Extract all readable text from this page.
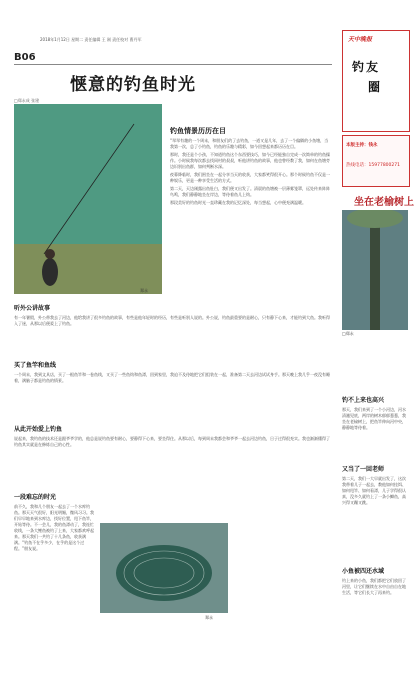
2018年1月12日 星期二 责任编辑 王 刚 责任校对 曹丹军
B06
天中晚报
钓友
圈
惬意的钓鱼时光
□郑永成 张建
郑永
钓鱼情景历历在目

“翠翠有趣的一个周末，和朋友们约了去钓鱼，一道又是几年，去了一个偏僻的小鱼塘，当我第一次，总了小钓鱼，钓鱼的乐趣与精彩，如今回想起来都历历在目。

那时，我还是个小孩，不知道钓鱼这个东西要技巧，如今已经能独自完成一次简单的钓鱼操作。小时候我每次都去找同村的叔叔，听他讲钓鱼的故事，他也曾经教了我，如何在鱼塘旁边识别出鱼群，如何判断水深。

夜幕降临时，我们围坐在一起分享当天的收获，大家都笑得很开心。那个时候钓鱼不仅是一种娱乐，更是一种享受生活的方式。

第二天，天边刚露出鱼肚白，我们便又出发了。清晨的鱼塘被一层薄雾笼罩，远处传来阵阵鸟鸣，我们静静地坐在岸边，等待着鱼儿上钩。

那段美好的钓鱼时光一直珍藏在我的记忆深处，每当想起，心中便充满温暖。

听外公讲故事
有一年暑假，外公带我去了河边，他给我讲了很多钓鱼的故事，有些是他年轻时的经历，有些是听别人说的。外公说，钓鱼最重要的是耐心，只有静下心来，才能钓到大鱼。我听得入了迷，从那以后便爱上了钓鱼。
买了鱼竿和鱼线
一个周末，我到文具店，买了一根鱼竿和一卷鱼线，又买了一些鱼钩和鱼漂，回到家里，我迫不及待地把它们组装在一起，准备第二天去河边试试身手。那天晚上我几乎一夜没有睡着，满脑子都是钓鱼的情景。
从此开始爱上钓鱼
说起来，我钓鱼的技术还是跟爷爷学的，他总是说钓鱼要有耐心，要静得下心来，要坐得住。从那以后，每到周末我都会和爷爷一起去河边钓鱼，日子过得很充实。我也渐渐懂得了钓鱼其实就是在修炼自己的心性。
一段难忘的时光
前不久，我和几个朋友一起去了一个水库钓鱼。那天天气很好，阳光明媚，微风习习。我们早早地来到水库边，找好位置，甩下鱼竿，开始等待。不一会儿，我的鱼漂动了，我连忙收线，一条大鲤鱼被钓了上来，大家都欢呼起来。那天我们一共钓了十几条鱼，收获满满。“钓鱼不在乎多少，在乎的是这个过程。”朋友说。
郑永
本版主持：钱永
热线电话：15977800271
坐在老榆树上
□郑永
钓不上来也高兴
那天，我们来到了一个小河边，河水清澈见底，两岸的树木郁郁葱葱，我坐在老榆树上，把鱼竿伸向河中央，静静地等待着。
又当了一回老师
第二天，我们一大早就出发了，这次我带着儿子一起去，教他如何挂饵、如何甩竿、如何看漂，儿子学得很认真，没多久就钓上了一条小鲫鱼，高兴得又蹦又跳。
小鱼被四还水域
钓上来的小鱼，我们都把它们放回了河里，让它们继续在水中自由自在地生活，等它们长大了再来钓。
